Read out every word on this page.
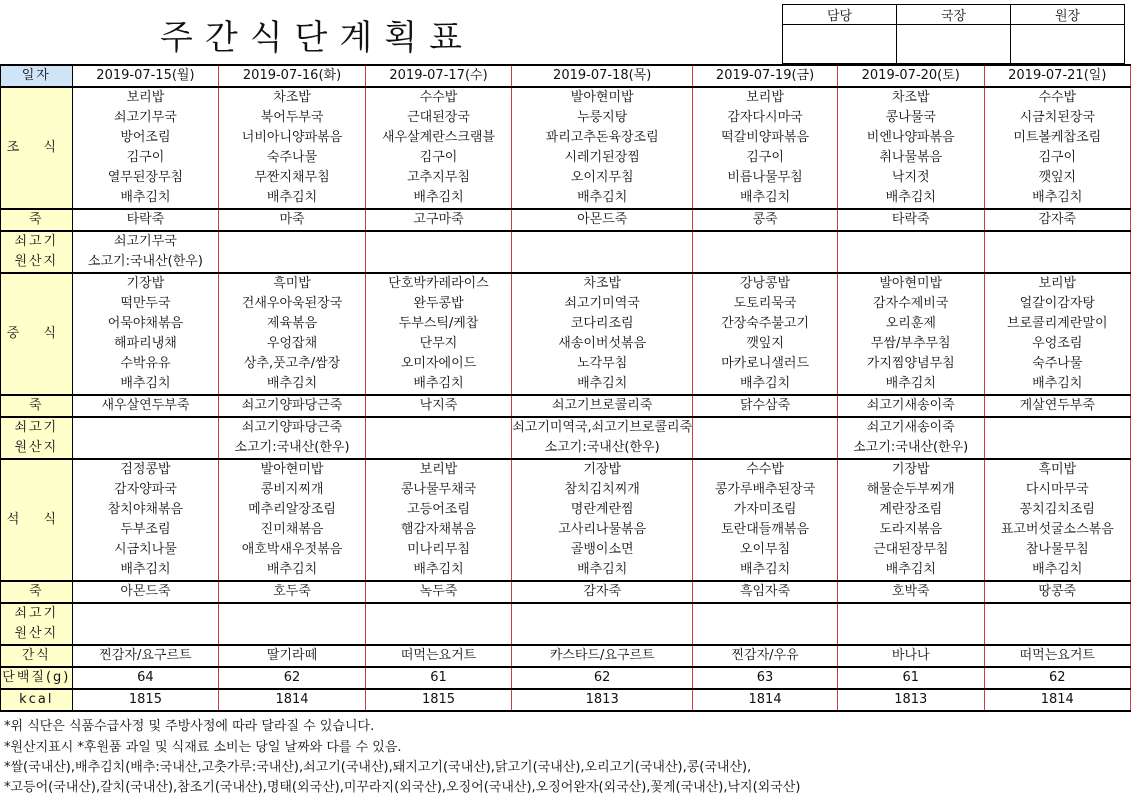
주간식단계획표
담당	국장	원장

일자	2019-07-15(월)	2019-07-16(화)	2019-07-17(수)	2019-07-18(목)	2019-07-19(금)	2019-07-20(토)	2019-07-21(일)
조 식	보리밥	차조밥	수수밥	발아현미밥	보리밥	차조밥	수수밥
	쇠고기무국	북어두부국	근대된장국	누룽지탕	감자다시마국	콩나물국	시금치된장국
	방어조림	너비아니양파볶음	새우살계란스크램블	꽈리고추돈육장조림	떡갈비양파볶음	비엔나양파볶음	미트볼케찹조림
	김구이	숙주나물	김구이	시레기된장찜	김구이	취나물볶음	김구이
	열무된장무침	무짠지채무침	고추지무침	오이지무침	비름나물무침	낙지젓	깻잎지
	배추김치	배추김치	배추김치	배추김치	배추김치	배추김치	배추김치
죽	타락죽	마죽	고구마죽	아몬드죽	콩죽	타락죽	감자죽
쇠고기	쇠고기무국						
원산지	소고기:국내산(한우)						
중 식	기장밥	흑미밥	단호박카레라이스	차조밥	강낭콩밥	발아현미밥	보리밥
	떡만두국	건새우아욱된장국	완두콩밥	쇠고기미역국	도토리묵국	감자수제비국	얼갈이감자탕
	어묵야채볶음	제육볶음	두부스틱/케찹	코다리조림	간장숙주불고기	오리훈제	브로콜리계란말이
	해파리냉채	우엉잡채	단무지	새송이버섯볶음	깻잎지	무쌈/부추무침	우엉조림
	수박유유	상추,풋고추/쌈장	오미자에이드	노각무침	마카로니샐러드	가지찜양념무침	숙주나물
	배추김치	배추김치	배추김치	배추김치	배추김치	배추김치	배추김치
죽	새우살연두부죽	쇠고기양파당근죽	낙지죽	쇠고기브로콜리죽	닭수삼죽	쇠고기새송이죽	게살연두부죽
쇠고기		쇠고기양파당근죽		쇠고기미역국,쇠고기브로콜리죽		쇠고기새송이죽	
원산지		소고기:국내산(한우)		소고기:국내산(한우)		소고기:국내산(한우)	
석 식	검정콩밥	발아현미밥	보리밥	기장밥	수수밥	기장밥	흑미밥
	감자양파국	콩비지찌개	콩나물무채국	참치김치찌개	콩가루배추된장국	해물순두부찌개	다시마무국
	참치야채볶음	메추리알장조림	고등어조림	명란계란찜	가자미조림	계란장조림	꽁치김치조림
	두부조림	진미채볶음	햄감자채볶음	고사리나물볶음	토란대들깨볶음	도라지볶음	표고버섯굴소스볶음
	시금치나물	애호박새우젓볶음	미나리무침	골뱅이소면	오이무침	근대된장무침	참나물무침
	배추김치	배추김치	배추김치	배추김치	배추김치	배추김치	배추김치
죽	아몬드죽	호두죽	녹두죽	감자죽	흑임자죽	호박죽	땅콩죽
쇠고기							
원산지							
간식	찐감자/요구르트	딸기라떼	떠먹는요거트	카스타드/요구르트	찐감자/우유	바나나	떠먹는요거트
단백질(g)	64	62	61	62	63	61	62
kcal	1815	1814	1815	1813	1814	1813	1814
*위 식단은 식품수급사정 및 주방사정에 따라 달라질 수 있습니다.
*원산지표시 *후원품 과일 및 식재료 소비는 당일 날짜와 다를 수 있음.
*쌀(국내산),배추김치(배추:국내산,고춧가루:국내산),쇠고기(국내산),돼지고기(국내산),닭고기(국내산),오리고기(국내산),콩(국내산),
*고등어(국내산),갈치(국내산),참조기(국내산),명태(외국산),미꾸라지(외국산),오징어(국내산),오징어완자(외국산),꽃게(국내산),낙지(외국산)
